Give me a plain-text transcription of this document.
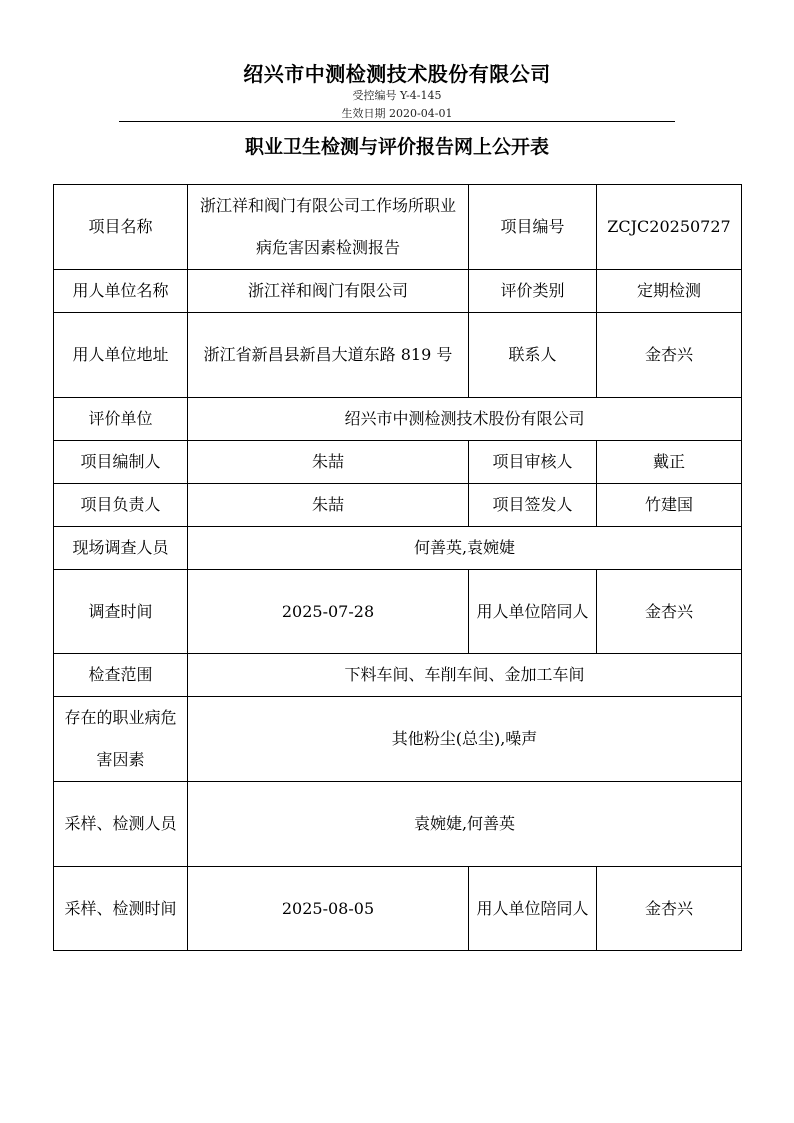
绍兴市中测检测技术股份有限公司
受控编号 Y-4-145
生效日期 2020-04-01
职业卫生检测与评价报告网上公开表
项目名称	浙江祥和阀门有限公司工作场所职业病危害因素检测报告	项目编号	ZCJC20250727
用人单位名称	浙江祥和阀门有限公司	评价类别	定期检测
用人单位地址	浙江省新昌县新昌大道东路 819 号	联系人	金杏兴
评价单位	绍兴市中测检测技术股份有限公司		
项目编制人	朱喆	项目审核人	戴正
项目负责人	朱喆	项目签发人	竹建国
现场调查人员	何善英,袁婉婕		
调查时间	2025-07-28	用人单位陪同人	金杏兴
检查范围	下料车间、车削车间、金加工车间		
存在的职业病危害因素	其他粉尘(总尘),噪声		
采样、检测人员	袁婉婕,何善英		
采样、检测时间	2025-08-05	用人单位陪同人	金杏兴
